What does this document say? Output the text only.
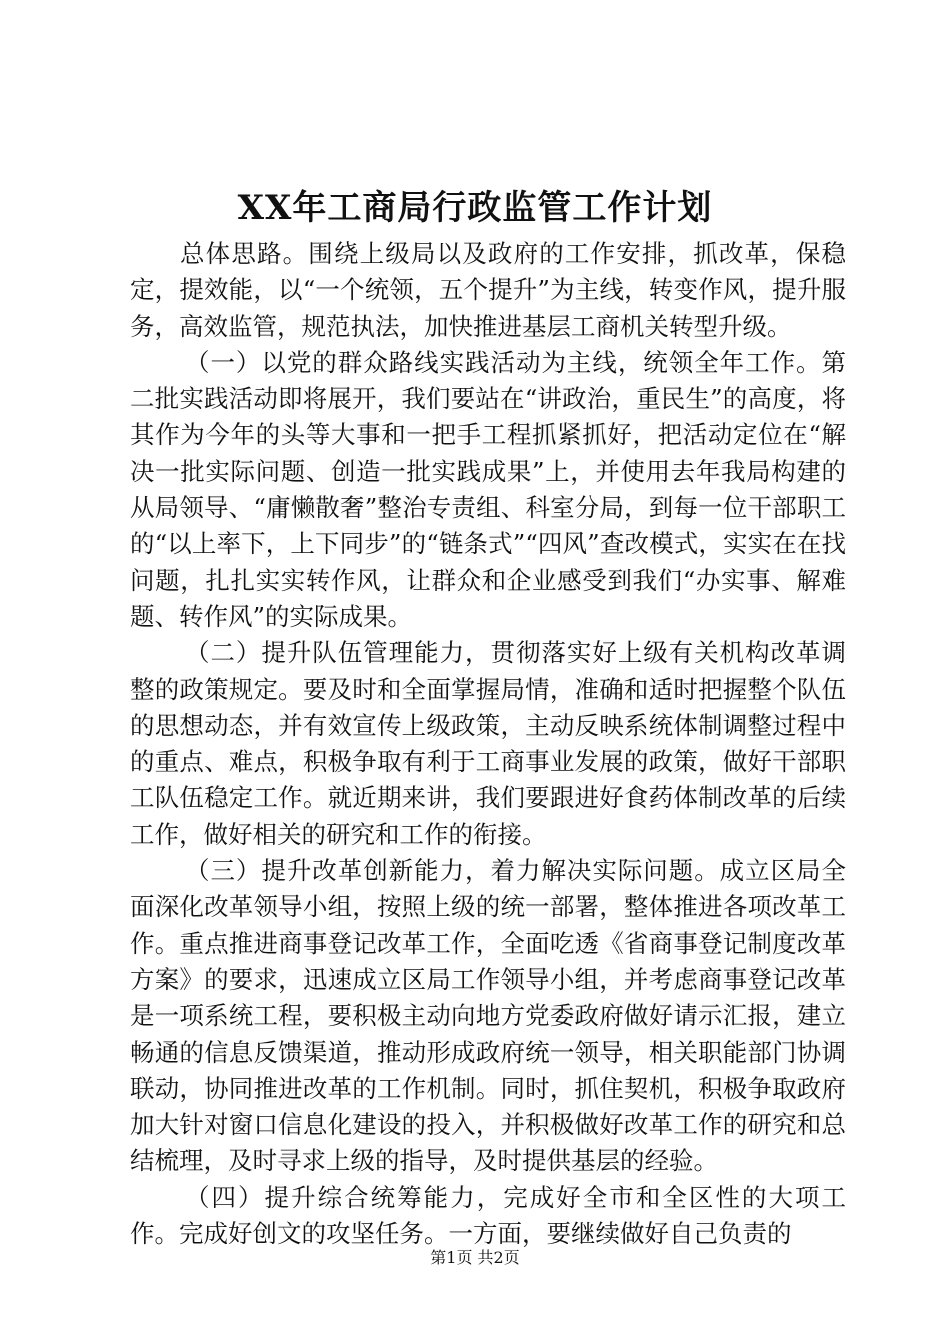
XX年工商局行政监管工作计划

总体思路。围绕上级局以及政府的工作安排，抓改革，保稳定，提效能，以“一个统领，五个提升”为主线，转变作风，提升服务，高效监管，规范执法，加快推进基层工商机关转型升级。

（一）以党的群众路线实践活动为主线，统领全年工作。第二批实践活动即将展开，我们要站在“讲政治，重民生”的高度，将其作为今年的头等大事和一把手工程抓紧抓好，把活动定位在“解决一批实际问题、创造一批实践成果”上，并使用去年我局构建的从局领导、“庸懒散奢”整治专责组、科室分局，到每一位干部职工的“以上率下，上下同步”的“链条式”“四风”查改模式，实实在在找问题，扎扎实实转作风，让群众和企业感受到我们“办实事、解难题、转作风”的实际成果。

（二）提升队伍管理能力，贯彻落实好上级有关机构改革调整的政策规定。要及时和全面掌握局情，准确和适时把握整个队伍的思想动态，并有效宣传上级政策，主动反映系统体制调整过程中的重点、难点，积极争取有利于工商事业发展的政策，做好干部职工队伍稳定工作。就近期来讲，我们要跟进好食药体制改革的后续工作，做好相关的研究和工作的衔接。

（三）提升改革创新能力，着力解决实际问题。成立区局全面深化改革领导小组，按照上级的统一部署，整体推进各项改革工作。重点推进商事登记改革工作，全面吃透《省商事登记制度改革方案》的要求，迅速成立区局工作领导小组，并考虑商事登记改革是一项系统工程，要积极主动向地方党委政府做好请示汇报，建立畅通的信息反馈渠道，推动形成政府统一领导，相关职能部门协调联动，协同推进改革的工作机制。同时，抓住契机，积极争取政府加大针对窗口信息化建设的投入，并积极做好改革工作的研究和总结梳理，及时寻求上级的指导，及时提供基层的经验。

（四）提升综合统筹能力，完成好全市和全区性的大项工作。完成好创文的攻坚任务。一方面，要继续做好自己负责的

第1页 共2页
